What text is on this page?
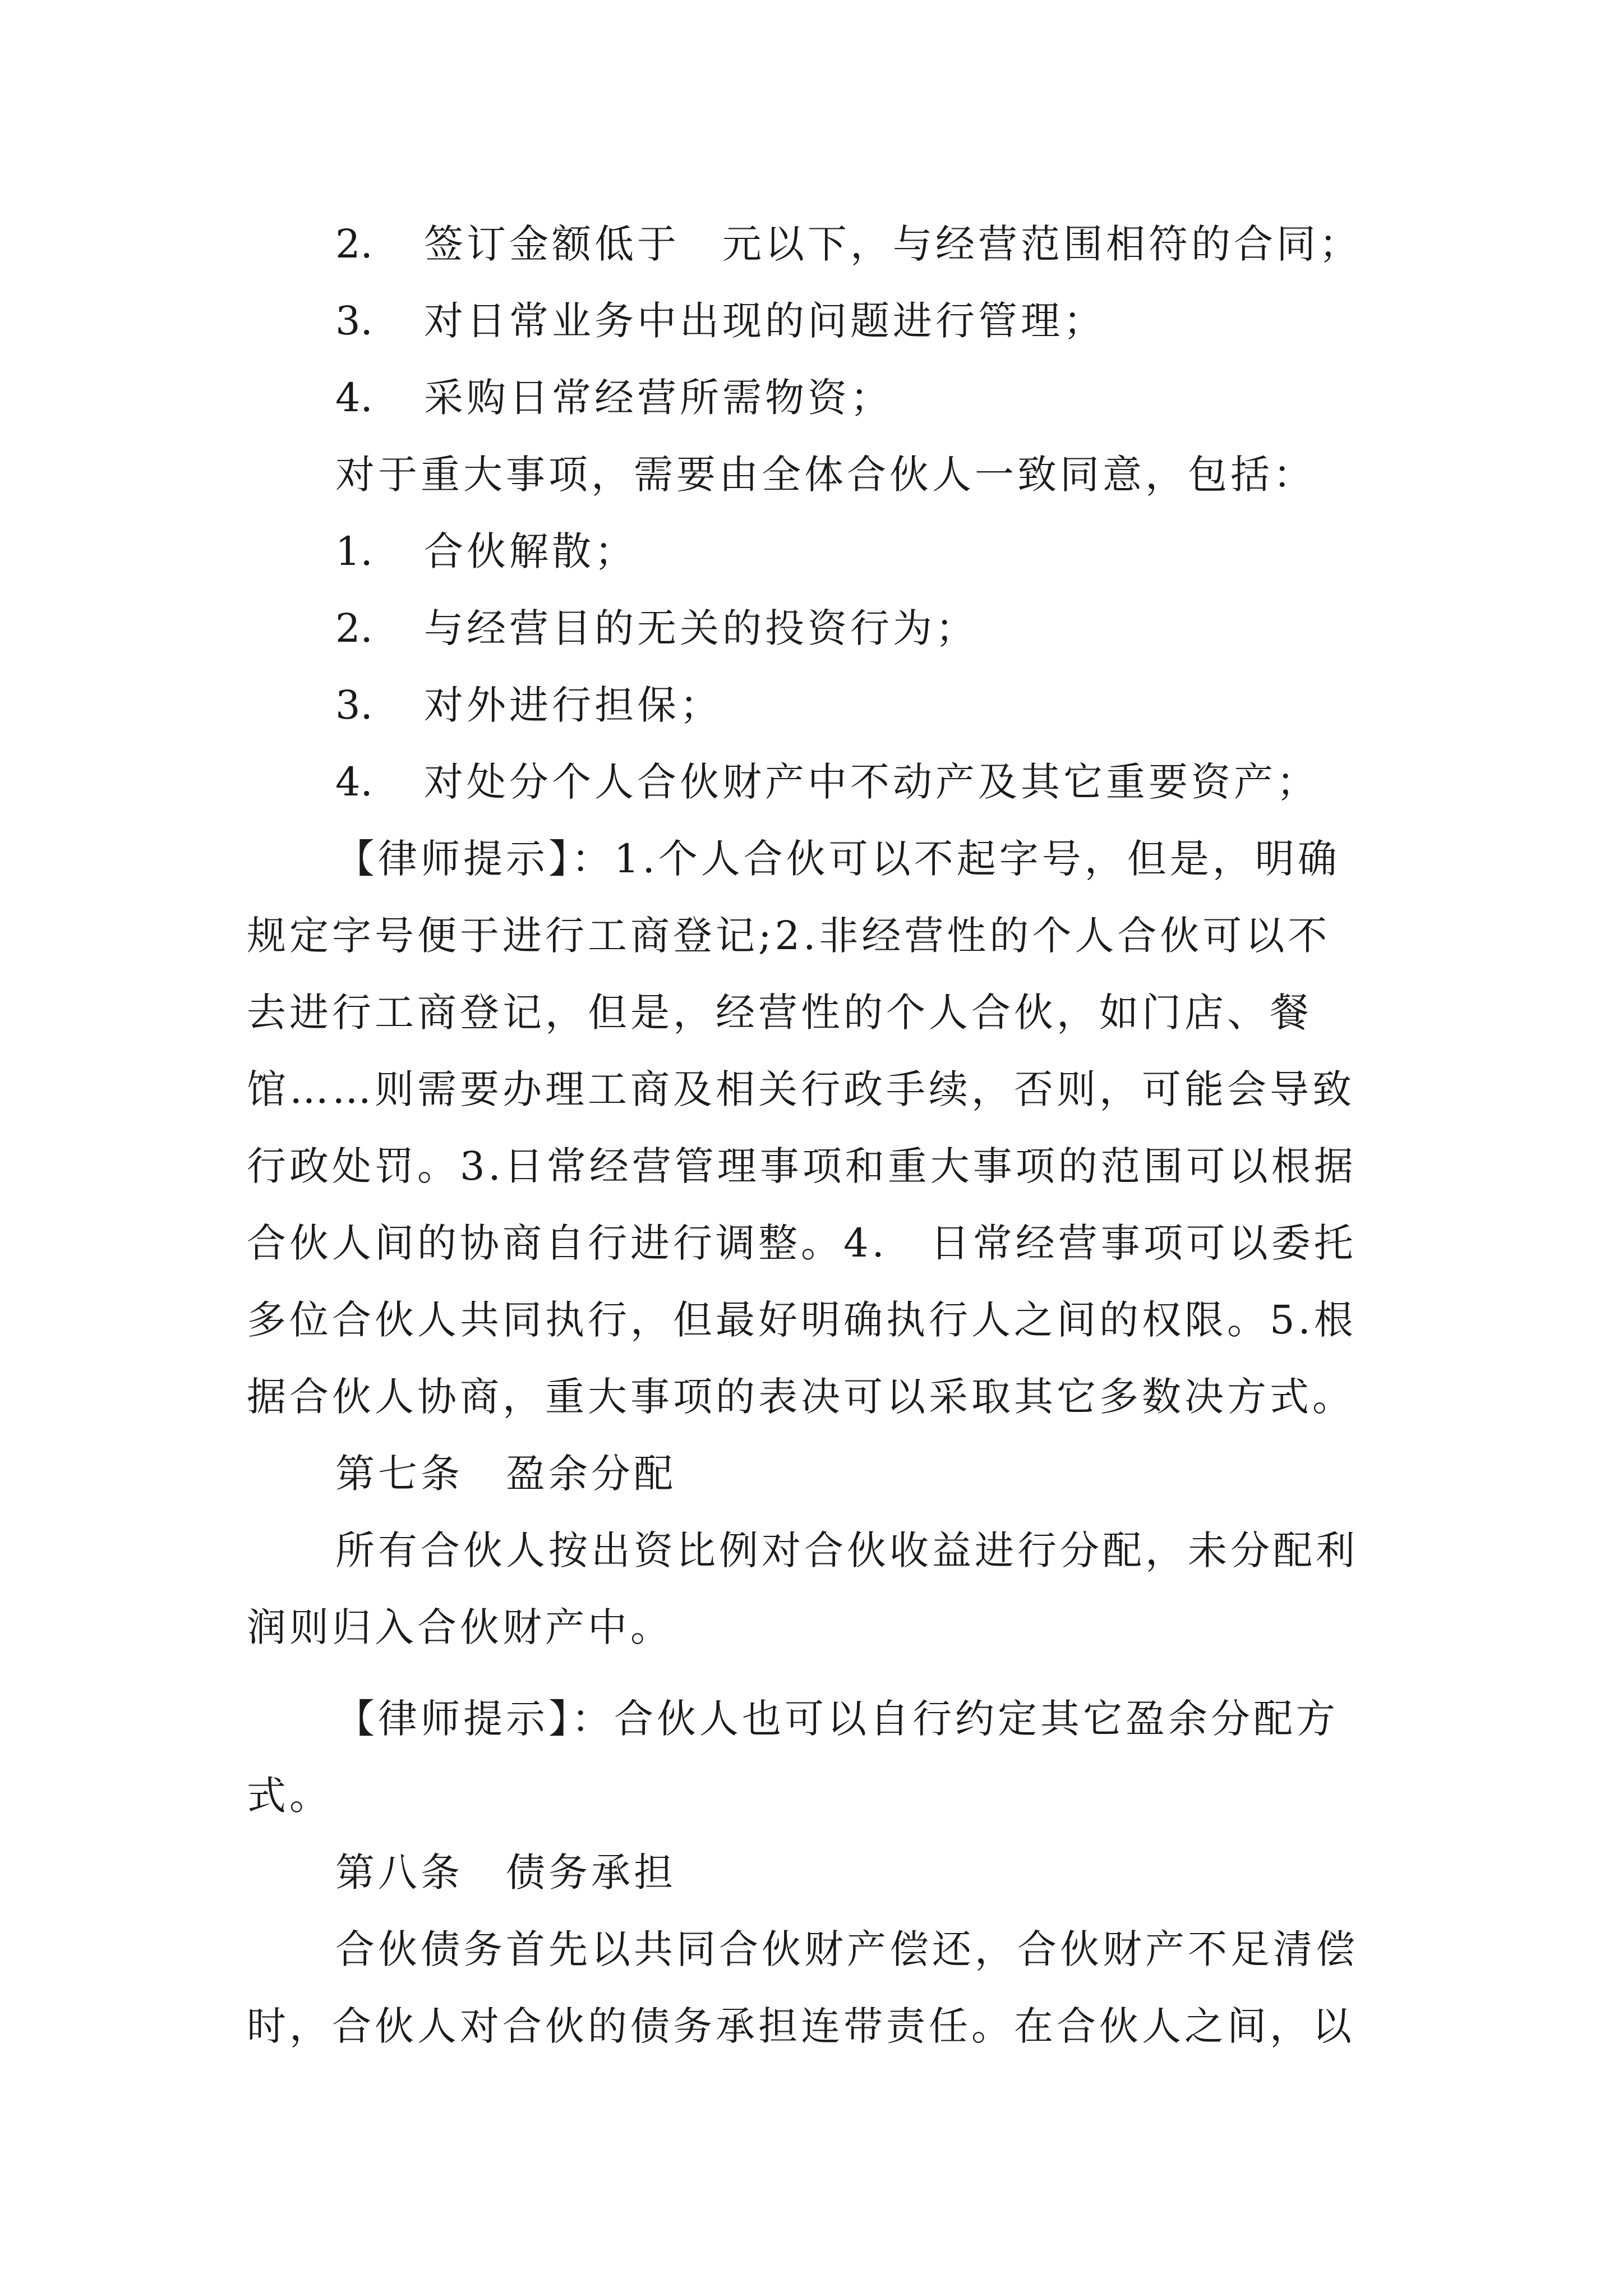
2. 签订金额低于　元以下，与经营范围相符的合同；
3. 对日常业务中出现的问题进行管理；
4. 采购日常经营所需物资；
对于重大事项，需要由全体合伙人一致同意，包括：
1. 合伙解散；
2. 与经营目的无关的投资行为；
3. 对外进行担保；
4. 对处分个人合伙财产中不动产及其它重要资产；
【律师提示】：1.个人合伙可以不起字号，但是，明确
规定字号便于进行工商登记;2.非经营性的个人合伙可以不
去进行工商登记，但是，经营性的个人合伙，如门店、餐
馆……则需要办理工商及相关行政手续，否则，可能会导致
行政处罚。3.日常经营管理事项和重大事项的范围可以根据
合伙人间的协商自行进行调整。4.　日常经营事项可以委托
多位合伙人共同执行，但最好明确执行人之间的权限。5.根
据合伙人协商，重大事项的表决可以采取其它多数决方式。
第七条　盈余分配
所有合伙人按出资比例对合伙收益进行分配，未分配利
润则归入合伙财产中。
【律师提示】：合伙人也可以自行约定其它盈余分配方
式。
第八条　债务承担
合伙债务首先以共同合伙财产偿还，合伙财产不足清偿
时，合伙人对合伙的债务承担连带责任。在合伙人之间，以
